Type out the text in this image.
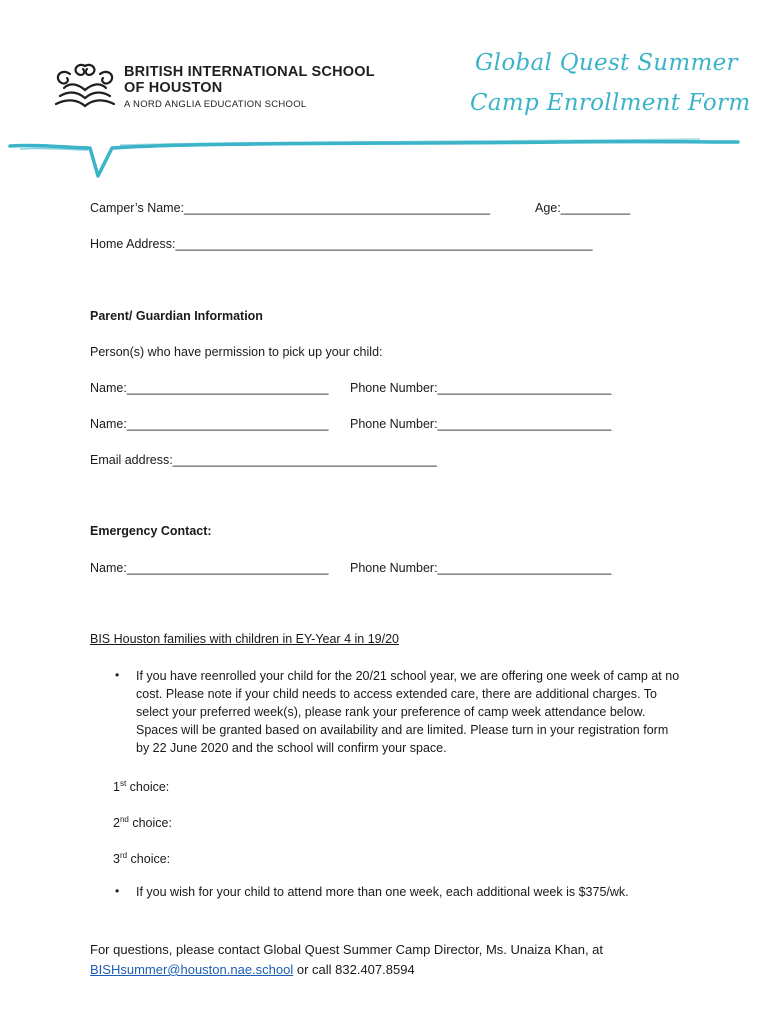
BRITISH INTERNATIONAL SCHOOL
OF HOUSTON
A NORD ANGLIA EDUCATION SCHOOL
Global Quest Summer
Camp Enrollment Form
Camper’s Name:____________________________________________	Age:__________
Home Address:____________________________________________________________
Parent/ Guardian Information
Person(s) who have permission to pick up your child:
Name:_____________________________ Phone Number:_________________________
Name:_____________________________ Phone Number:_________________________
Email address:______________________________________
Emergency Contact:
Name:_____________________________ Phone Number:_________________________
BIS Houston families with children in EY-Year 4 in 19/20
• If you have reenrolled your child for the 20/21 school year, we are offering one week of camp at no cost. Please note if your child needs to access extended care, there are additional charges. To select your preferred week(s), please rank your preference of camp week attendance below. Spaces will be granted based on availability and are limited. Please turn in your registration form by 22 June 2020 and the school will confirm your space.
1st choice:
2nd choice:
3rd choice:
• If you wish for your child to attend more than one week, each additional week is $375/wk.
For questions, please contact Global Quest Summer Camp Director, Ms. Unaiza Khan, at
BISHsummer@houston.nae.school or call 832.407.8594
